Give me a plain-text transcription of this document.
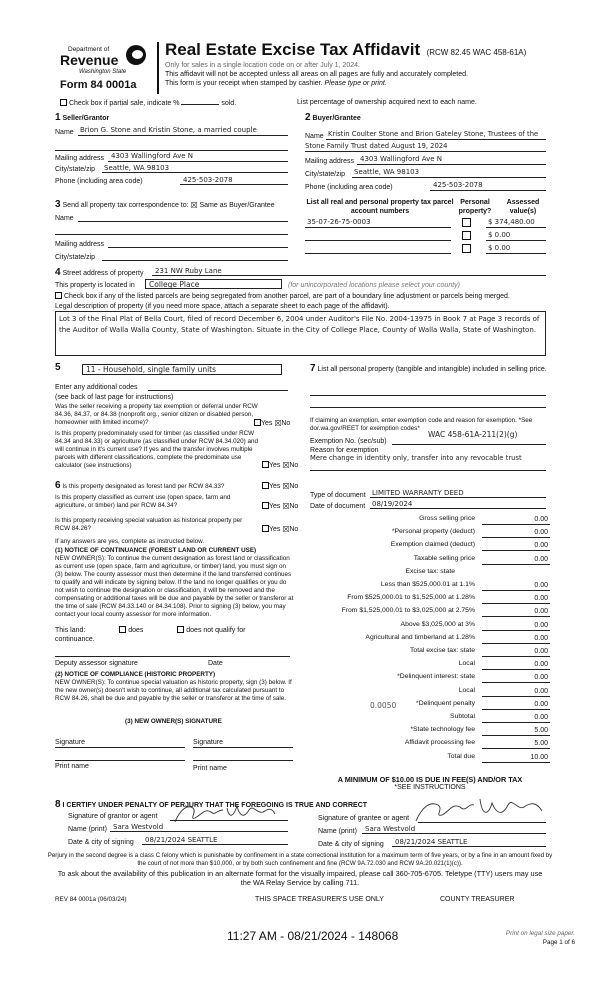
Department of
Revenue
Washington State
Form 84 0001a
Real Estate Excise Tax Affidavit (RCW 82.45 WAC 458-61A)
Only for sales in a single location code on or after July 1, 2024.
This affidavit will not be accepted unless all areas on all pages are fully and accurately completed.
This form is your receipt when stamped by cashier. Please type or print.
Check box if partial sale, indicate %	sold.	List percentage of ownership acquired next to each name.
1 Seller/Grantor
Name Brion G. Stone and Kristin Stone, a married couple
Mailing address 4303 Wallingford Ave N
City/state/zip Seattle, WA 98103
Phone (including area code)	425-503-2078
2 Buyer/Grantee
Name Kristin Coulter Stone and Brion Gateley Stone, Trustees of the
Stone Family Trust dated August 19, 2024
Mailing address 4303 Wallingford Ave N
City/state/zip Seattle, WA 98103
Phone (including area code)	425-503-2078
3 Send all property tax correspondence to: ☒ Same as Buyer/Grantee
Name
Mailing address
City/state/zip
List all real and personal property tax parcel account numbers
Personal property?
Assessed value(s)
35-07-26-75-0003	$ 374,480.00
$ 0.00
$ 0.00
4 Street address of property 231 NW Ruby Lane
This property is located in	College Place	(for unincorporated locations please select your county)
Check box if any of the listed parcels are being segregated from another parcel, are part of a boundary line adjustment or parcels being merged.
Legal description of property (if you need more space, attach a separate sheet to each page of the affidavit).
Lot 3 of the Final Plat of Bella Court, filed of record December 6, 2004 under Auditor's File No. 2004-13975 in Book 7 at Page 3 records of the Auditor of Walla Walla County, State of Washington. Situate in the City of College Place, County of Walla Walla, State of Washington.
5	11 - Household, single family units
Enter any additional codes
(see back of last page for instructions)
Was the seller receiving a property tax exemption or deferral under RCW 84.36, 84.37, or 84.38 (nonprofit org., senior citizen or disabled person, homeowner with limited income)?	Yes ☒No
Is this property predominately used for timber (as classified under RCW 84.34 and 84.33) or agriculture (as classified under RCW 84.34.020) and will continue in it's current use? If yes and the transfer involves multiple parcels with different classifications, complete the predominate use calculator (see instructions)	Yes ☒No
6 Is this property designated as forest land per RCW 84.33?	Yes ☒No
Is this property classified as current use (open space, farm and agriculture, or timber) land per RCW 84.34?	Yes ☒No
Is this property receiving special valuation as historical property per RCW 84.26?	Yes ☒No
If any answers are yes, complete as instructed below.
(1) NOTICE OF CONTINUANCE (FOREST LAND OR CURRENT USE)
NEW OWNER(S): To continue the current designation as forest land or classification as current use (open space, farm and agriculture, or timber) land, you must sign on (3) below. The county assessor must then determine if the land transferred continues to qualify and will indicate by signing below. If the land no longer qualifies or you do not wish to continue the designation or classification, it will be removed and the compensating or additional taxes will be due and payable by the seller or transferor at the time of sale (RCW 84.33.140 or 84.34.108). Prior to signing (3) below, you may contact your local county assessor for more information.
This land:	does	does not qualify for
continuance.
Deputy assessor signature	Date
(2) NOTICE OF COMPLIANCE (HISTORIC PROPERTY)
NEW OWNER(S): To continue special valuation as historic property, sign (3) below. If the new owner(s) doesn't wish to continue, all additional tax calculated pursuant to RCW 84.26, shall be due and payable by the seller or transferor at the time of sale.
(3) NEW OWNER(S) SIGNATURE
Signature	Signature
Print name	Print name
7 List all personal property (tangible and intangible) included in selling price.
If claiming an exemption, enter exemption code and reason for exemption. *See dor.wa.gov/REET for exemption codes*
Exemption No. (sec/sub)
WAC 458-61A-211(2)(g)
Reason for exemption
Mere change in identity only, transfer into any revocable trust
Type of document LIMITED WARRANTY DEED
Date of document 08/19/2024
Gross selling price	0.00
*Personal property (deduct)	0.00
Exemption claimed (deduct)	0.00
Taxable selling price	0.00
Excise tax: state
Less than $525,000.01 at 1.1%	0.00
From $525,000.01 to $1,525,000 at 1.28%	0.00
From $1,525,000.01 to $3,025,000 at 2.75%	0.00
Above $3,025,000 at 3%	0.00
Agricultural and timberland at 1.28%	0.00
Total excise tax: state	0.00
Local	0.00
*Delinquent interest: state	0.00
Local	0.00
*Delinquent penalty	0.00
Subtotal	0.00
*State technology fee	5.00
Affidavit processing fee	5.00
Total due	10.00
0.0050
A MINIMUM OF $10.00 IS DUE IN FEE(S) AND/OR TAX
*SEE INSTRUCTIONS
8 I CERTIFY UNDER PENALTY OF PERJURY THAT THE FOREGOING IS TRUE AND CORRECT
Signature of grantor or agent
Name (print) Sara Westvold
Date & city of signing 08/21/2024 SEATTLE
Signature of grantee or agent
Name (print) Sara Westvold
Date & city of signing 08/21/2024 SEATTLE
Perjury in the second degree is a class C felony which is punishable by confinement in a state correctional institution for a maximum term of five years, or by a fine in an amount fixed by the court of not more than $10,000, or by both such confinement and fine (RCW 9A.72.030 and RCW 9A.20.021(1)(c)).
To ask about the availability of this publication in an alternate format for the visually impaired, please call 360-705-6705. Teletype (TTY) users may use the WA Relay Service by calling 711.
REV 84 0001a (06/03/24)	THIS SPACE TREASURER'S USE ONLY	COUNTY TREASURER
11:27 AM - 08/21/2024 - 148068	Print on legal size paper.
Page 1 of 6
